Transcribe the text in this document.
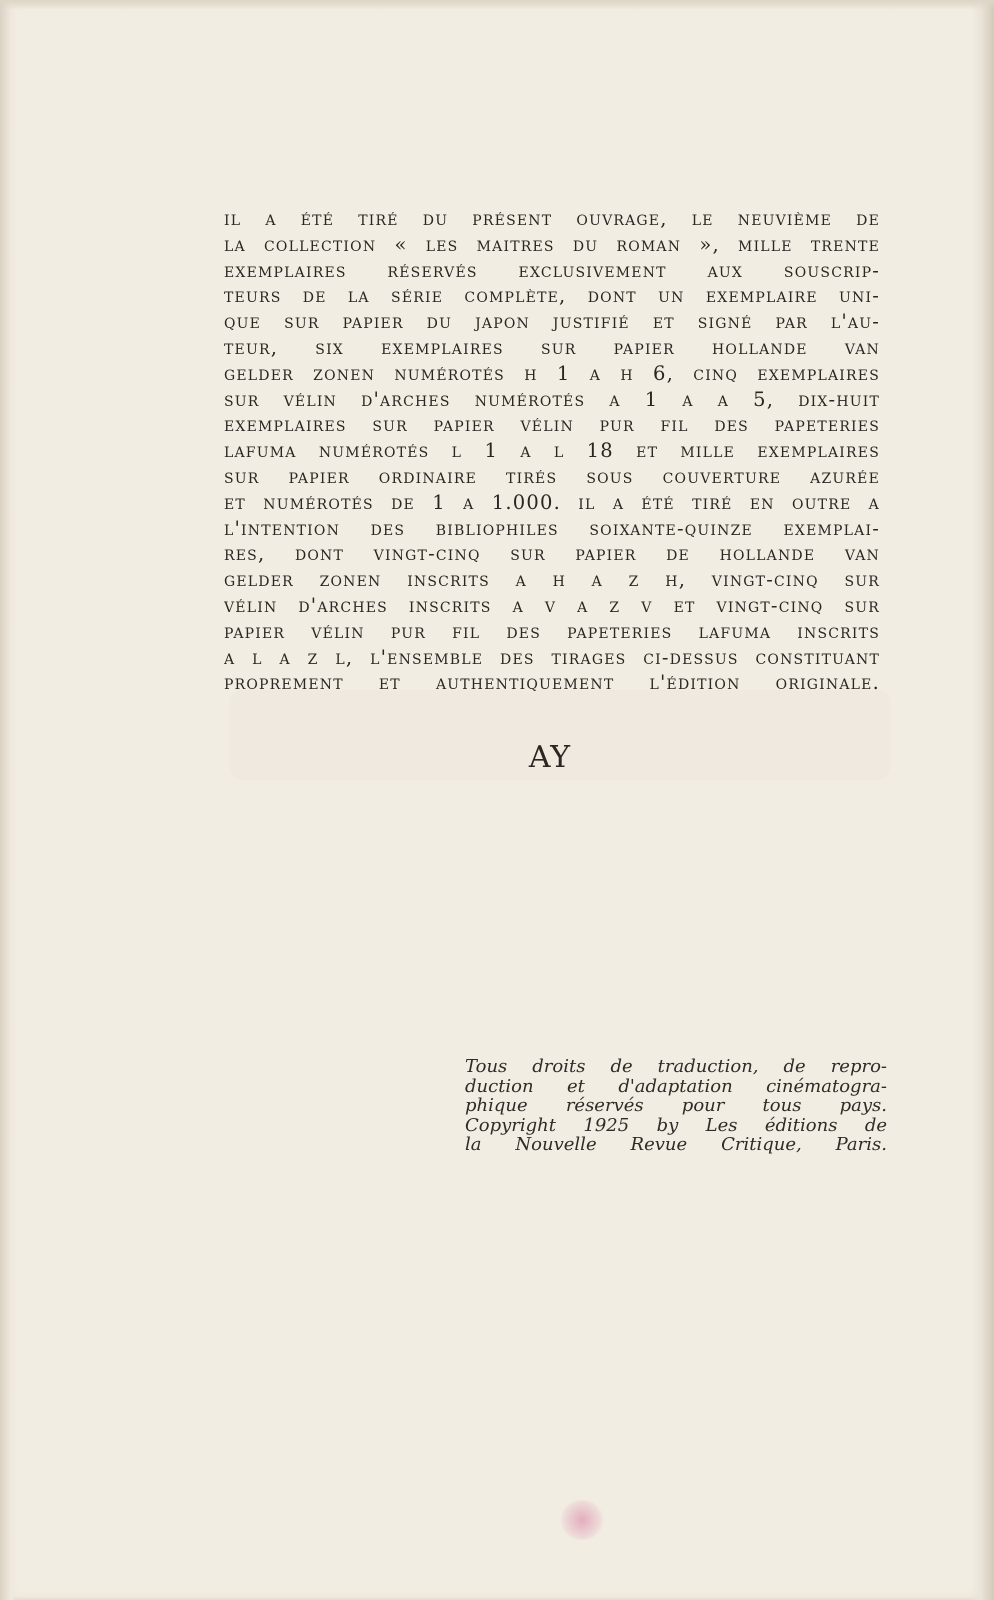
il a été tiré du présent ouvrage, le neuvième de
la collection « les maitres du roman », mille trente
exemplaires réservés exclusivement aux souscrip-
teurs de la série complète, dont un exemplaire uni-
que sur papier du japon justifié et signé par l'au-
teur, six exemplaires sur papier hollande van
gelder zonen numérotés h 1 a h 6, cinq exemplaires
sur vélin d'arches numérotés a 1 a a 5, dix-huit
exemplaires sur papier vélin pur fil des papeteries
lafuma numérotés l 1 a l 18 et mille exemplaires
sur papier ordinaire tirés sous couverture azurée
et numérotés de 1 a 1.000. il a été tiré en outre a
l'intention des bibliophiles soixante-quinze exemplai-
res, dont vingt-cinq sur papier de hollande van
gelder zonen inscrits a h a z h, vingt-cinq sur
vélin d'arches inscrits a v a z v et vingt-cinq sur
papier vélin pur fil des papeteries lafuma inscrits
a l a z l, l'ensemble des tirages ci-dessus constituant
proprement et authentiquement l'édition originale.
AY
Tous droits de traduction, de repro-
duction et d'adaptation cinématogra-
phique réservés pour tous pays.
Copyright 1925 by Les éditions de
la Nouvelle Revue Critique, Paris.
